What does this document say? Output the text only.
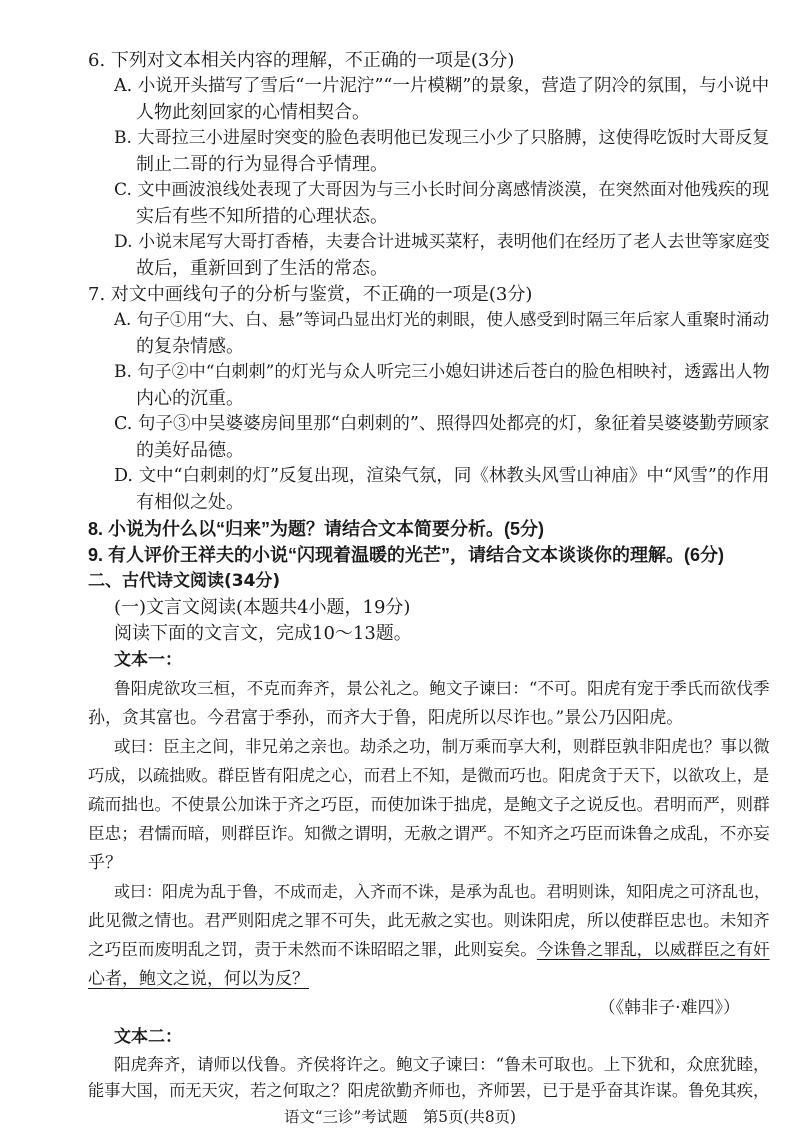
6. 下列对文本相关内容的理解，不正确的一项是(3分)
A. 小说开头描写了雪后“一片泥泞”“一片模糊”的景象，营造了阴冷的氛围，与小说中
人物此刻回家的心情相契合。
B. 大哥拉三小进屋时突变的脸色表明他已发现三小少了只胳膊，这使得吃饭时大哥反复
制止二哥的行为显得合乎情理。
C. 文中画波浪线处表现了大哥因为与三小长时间分离感情淡漠，在突然面对他残疾的现
实后有些不知所措的心理状态。
D. 小说末尾写大哥打香椿，夫妻合计进城买菜籽，表明他们在经历了老人去世等家庭变
故后，重新回到了生活的常态。
7. 对文中画线句子的分析与鉴赏，不正确的一项是(3分)
A. 句子①用“大、白、悬”等词凸显出灯光的刺眼，使人感受到时隔三年后家人重聚时涌动
的复杂情感。
B. 句子②中“白刺刺”的灯光与众人听完三小媳妇讲述后苍白的脸色相映衬，透露出人物
内心的沉重。
C. 句子③中吴婆婆房间里那“白刺刺的”、照得四处都亮的灯，象征着吴婆婆勤劳顾家
的美好品德。
D. 文中“白刺刺的灯”反复出现，渲染气氛，同《林教头风雪山神庙》中“风雪”的作用
有相似之处。
8. 小说为什么以“归来”为题？请结合文本简要分析。(5分)
9. 有人评价王祥夫的小说“闪现着温暖的光芒”，请结合文本谈谈你的理解。(6分)
二、古代诗文阅读(34分)
(一)文言文阅读(本题共4小题，19分)
阅读下面的文言文，完成10～13题。
文本一：
鲁阳虎欲攻三桓，不克而奔齐，景公礼之。鲍文子谏曰：“不可。阳虎有宠于季氏而欲伐季
孙，贪其富也。今君富于季孙，而齐大于鲁，阳虎所以尽诈也。”景公乃囚阳虎。
或曰：臣主之间，非兄弟之亲也。劫杀之功，制万乘而享大利，则群臣孰非阳虎也？事以微
巧成，以疏拙败。群臣皆有阳虎之心，而君上不知，是微而巧也。阳虎贪于天下，以欲攻上，是
疏而拙也。不使景公加诛于齐之巧臣，而使加诛于拙虎，是鲍文子之说反也。君明而严，则群
臣忠；君懦而暗，则群臣诈。知微之谓明，无赦之谓严。不知齐之巧臣而诛鲁之成乱，不亦妄
乎？
或曰：阳虎为乱于鲁，不成而走，入齐而不诛，是承为乱也。君明则诛，知阳虎之可济乱也，
此见微之情也。君严则阳虎之罪不可失，此无赦之实也。则诛阳虎，所以使群臣忠也。未知齐
之巧臣而废明乱之罚，责于未然而不诛昭昭之罪，此则妄矣。今诛鲁之罪乱，以威群臣之有奸
心者，鲍文之说，何以为反？
（《韩非子·难四》）
文本二：
阳虎奔齐，请师以伐鲁。齐侯将许之。鲍文子谏曰：“鲁未可取也。上下犹和，众庶犹睦，
能事大国，而无天灾，若之何取之？阳虎欲勤齐师也，齐师罢，已于是乎奋其诈谋。鲁免其疾，
语文“三诊”考试题　第5页(共8页)
